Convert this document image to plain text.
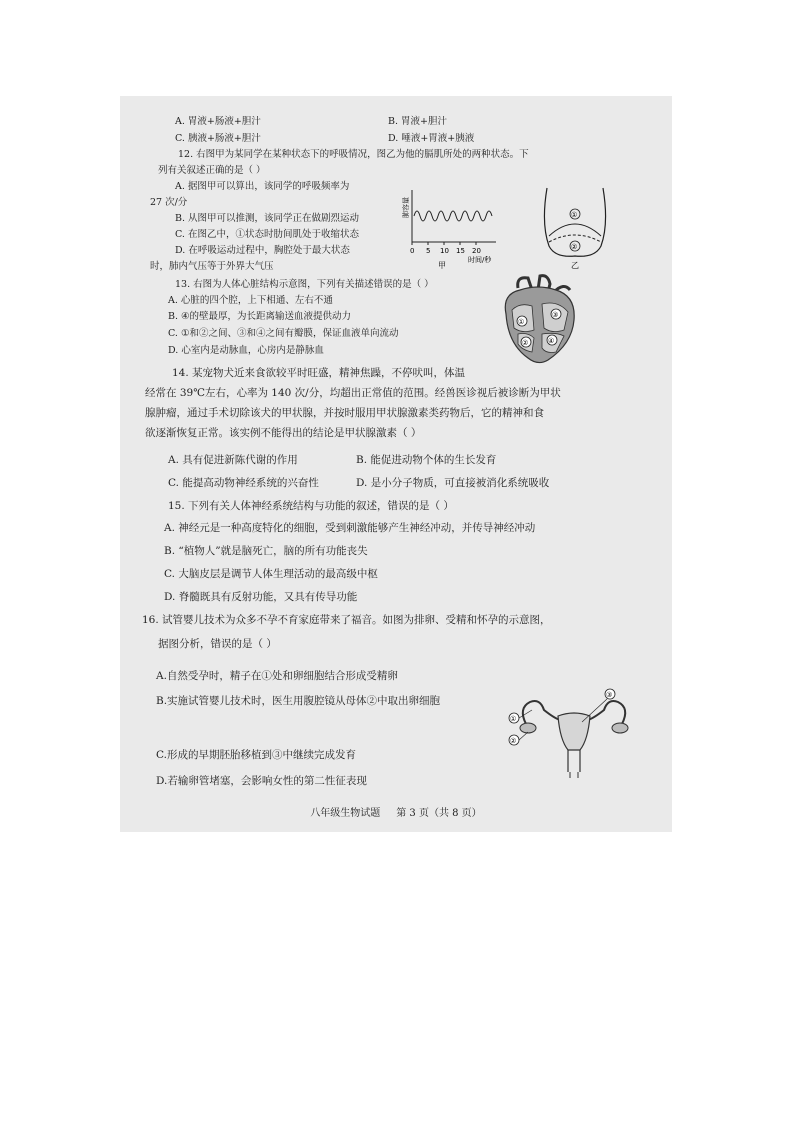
A. 胃液+肠液+胆汁	B. 胃液+胆汁
C. 胰液+肠液+胆汁	D. 唾液+胃液+胰液
12. 右图甲为某同学在某种状态下的呼吸情况，图乙为他的膈肌所处的两种状态。下
列有关叙述正确的是（ ）
A. 据图甲可以算出，该同学的呼吸频率为
27 次/分
B. 从图甲可以推测，该同学正在做剧烈运动
C. 在图乙中，①状态时肋间肌处于收缩状态
D. 在呼吸运动过程中，胸腔处于最大状态
时，肺内气压等于外界大气压
肺容量
0 5 10 15 20
时间/秒
甲
①
②
乙
13. 右图为人体心脏结构示意图，下列有关描述错误的是（ ）
A. 心脏的四个腔，上下相通、左右不通
B. ④的壁最厚，为长距离输送血液提供动力
C. ①和②之间、③和④之间有瓣膜，保证血液单向流动
D. 心室内是动脉血，心房内是静脉血
①
②
③
④
14. 某宠物犬近来食欲较平时旺盛，精神焦躁，不停吠叫，体温
经常在 39℃左右，心率为 140 次/分，均超出正常值的范围。经兽医诊视后被诊断为甲状
腺肿瘤，通过手术切除该犬的甲状腺，并按时服用甲状腺激素类药物后，它的精神和食
欲逐渐恢复正常。该实例不能得出的结论是甲状腺激素（ ）
A. 具有促进新陈代谢的作用	B. 能促进动物个体的生长发育
C. 能提高动物神经系统的兴奋性	D. 是小分子物质，可直接被消化系统吸收
15. 下列有关人体神经系统结构与功能的叙述，错误的是（ ）
A. 神经元是一种高度特化的细胞，受到刺激能够产生神经冲动，并传导神经冲动
B. “植物人”就是脑死亡，脑的所有功能丧失
C. 大脑皮层是调节人体生理活动的最高级中枢
D. 脊髓既具有反射功能，又具有传导功能
16. 试管婴儿技术为众多不孕不育家庭带来了福音。如图为排卵、受精和怀孕的示意图，
据图分析，错误的是（ ）
A.自然受孕时，精子在①处和卵细胞结合形成受精卵
B.实施试管婴儿技术时，医生用腹腔镜从母体②中取出卵细胞
C.形成的早期胚胎移植到③中继续完成发育
D.若输卵管堵塞，会影响女性的第二性征表现
①
②
③
八年级生物试题 第 3 页（共 8 页）
